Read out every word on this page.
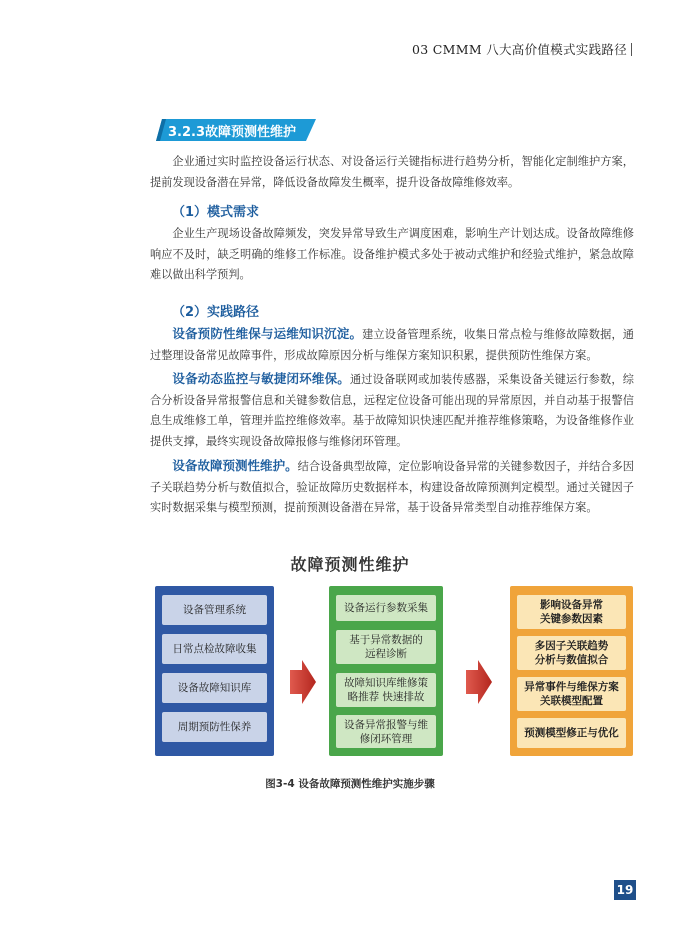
03 CMMM 八大高价值模式实践路径
3.2.3故障预测性维护
企业通过实时监控设备运行状态、对设备运行关键指标进行趋势分析，智能化定制维护方案，提前发现设备潜在异常，降低设备故障发生概率，提升设备故障维修效率。
（1）模式需求
企业生产现场设备故障频发，突发异常导致生产调度困难，影响生产计划达成。设备故障维修响应不及时，缺乏明确的维修工作标准。设备维护模式多处于被动式维护和经验式维护，紧急故障难以做出科学预判。
（2）实践路径
设备预防性维保与运维知识沉淀。建立设备管理系统，收集日常点检与维修故障数据，通过整理设备常见故障事件，形成故障原因分析与维保方案知识积累，提供预防性维保方案。
设备动态监控与敏捷闭环维保。通过设备联网或加装传感器，采集设备关键运行参数，综合分析设备异常报警信息和关键参数信息，远程定位设备可能出现的异常原因，并自动基于报警信息生成维修工单，管理并监控维修效率。基于故障知识快速匹配并推荐维修策略，为设备维修作业提供支撑，最终实现设备故障报修与维修闭环管理。
设备故障预测性维护。结合设备典型故障，定位影响设备异常的关键参数因子，并结合多因子关联趋势分析与数值拟合，验证故障历史数据样本，构建设备故障预测判定模型。通过关键因子实时数据采集与模型预测，提前预测设备潜在异常，基于设备异常类型自动推荐维保方案。
故障预测性维护
设备管理系统
日常点检故障收集
设备故障知识库
周期预防性保养
设备运行参数采集
基于异常数据的
远程诊断
故障知识库维修策
略推荐 快速排故
设备异常报警与维
修闭环管理
影响设备异常
关键参数因素
多因子关联趋势
分析与数值拟合
异常事件与维保方案
关联模型配置
预测模型修正与优化
图3-4 设备故障预测性维护实施步骤
19
